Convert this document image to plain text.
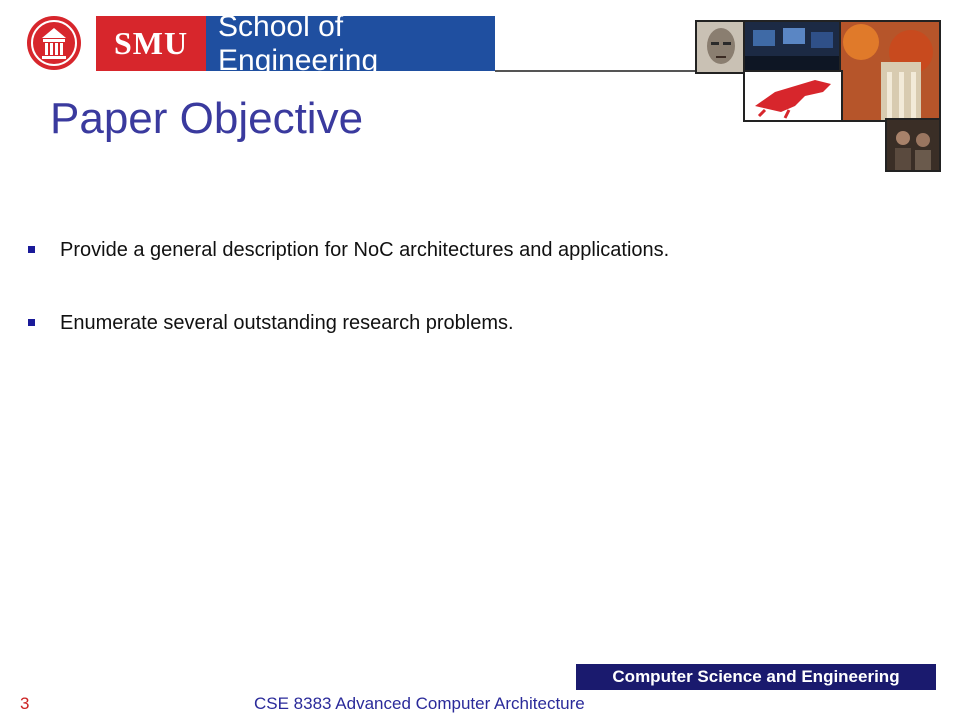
SMU School of Engineering
Paper Objective
Provide a general description for NoC architectures and applications.
Enumerate several outstanding research problems.
Computer Science and Engineering
3	CSE 8383 Advanced Computer Architecture
